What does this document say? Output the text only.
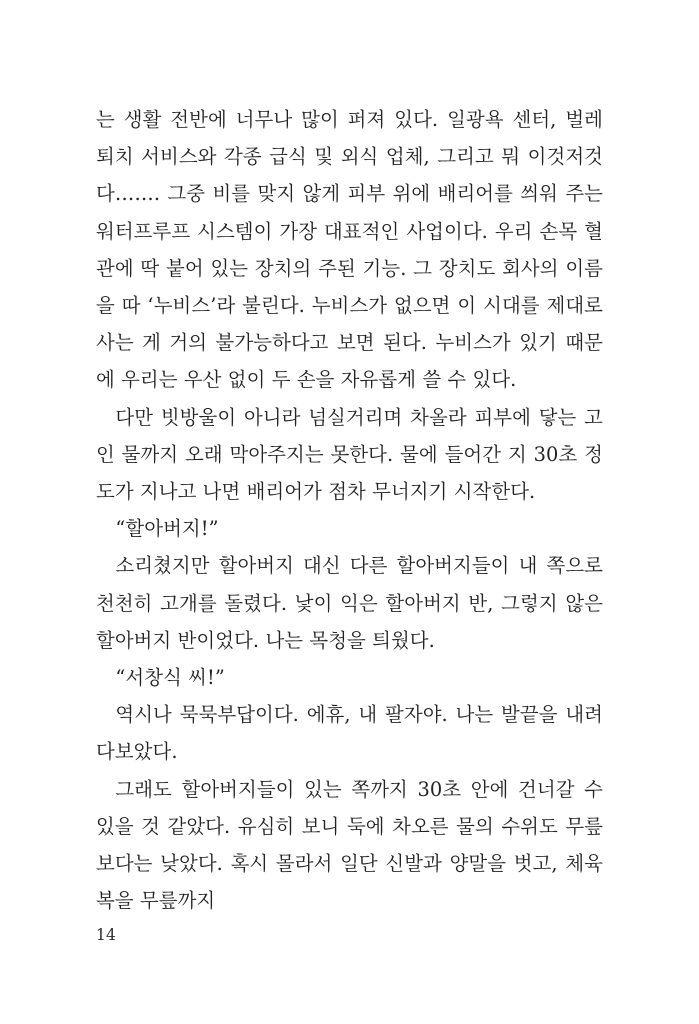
는 생활 전반에 너무나 많이 퍼져 있다. 일광욕 센터, 벌레 퇴치 서비스와 각종 급식 및 외식 업체, 그리고 뭐 이것저것 다……. 그중 비를 맞지 않게 피부 위에 배리어를 씌워 주는 워터프루프 시스템이 가장 대표적인 사업이다. 우리 손목 혈관에 딱 붙어 있는 장치의 주된 기능. 그 장치도 회사의 이름을 따 ‘누비스’라 불린다. 누비스가 없으면 이 시대를 제대로 사는 게 거의 불가능하다고 보면 된다. 누비스가 있기 때문에 우리는 우산 없이 두 손을 자유롭게 쓸 수 있다.

다만 빗방울이 아니라 넘실거리며 차올라 피부에 닿는 고인 물까지 오래 막아주지는 못한다. 물에 들어간 지 30초 정도가 지나고 나면 배리어가 점차 무너지기 시작한다.

“할아버지!”

소리쳤지만 할아버지 대신 다른 할아버지들이 내 쪽으로 천천히 고개를 돌렸다. 낯이 익은 할아버지 반, 그렇지 않은 할아버지 반이었다. 나는 목청을 틔웠다.

“서창식 씨!”

역시나 묵묵부답이다. 에휴, 내 팔자야. 나는 발끝을 내려다보았다.

그래도 할아버지들이 있는 쪽까지 30초 안에 건너갈 수 있을 것 같았다. 유심히 보니 둑에 차오른 물의 수위도 무릎보다는 낮았다. 혹시 몰라서 일단 신발과 양말을 벗고, 체육복을 무릎까지

14
